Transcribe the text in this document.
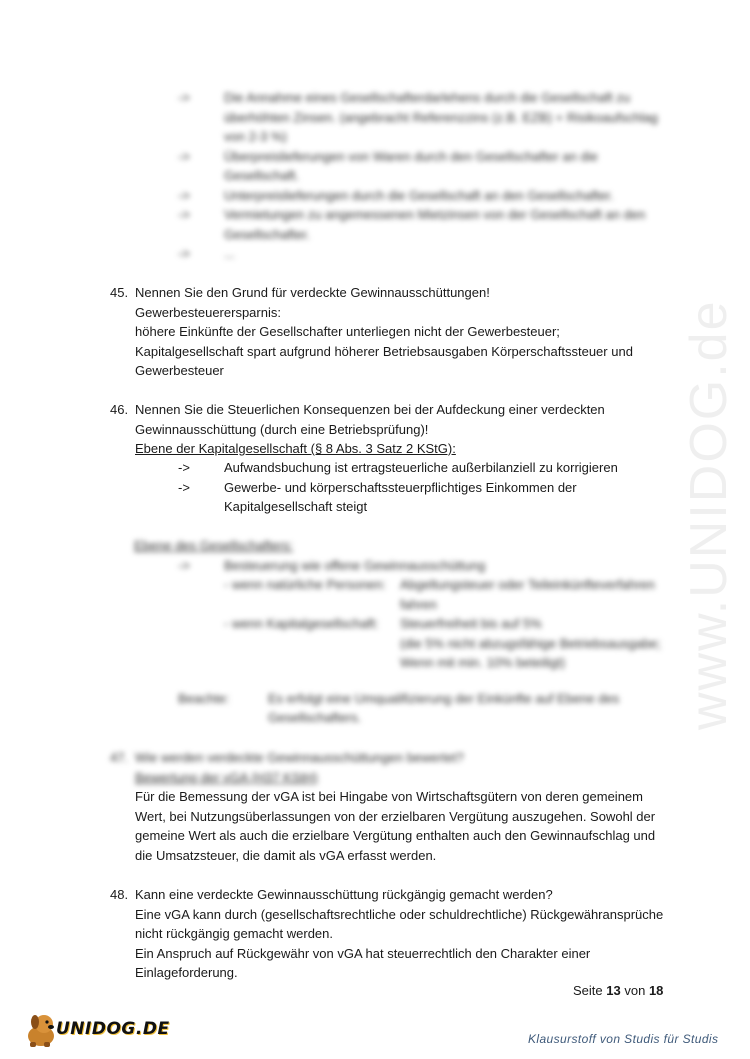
www.UNIDOG.de
->	Die Annahme eines Gesellschafterdarlehens durch die Gesellschaft zu
überhöhten Zinsen. (angebracht Referenzzins (z.B. EZB) + Risikoaufschlag
von 2-3 %)
->	Überpreislieferungen von Waren durch den Gesellschafter an die
Gesellschaft.
->	Unterpreislieferungen durch die Gesellschaft an den Gesellschafter.
->	Vermietungen zu angemessenen Mietzinsen von der Gesellschaft an den
Gesellschafter.
->	...
45. Nennen Sie den Grund für verdeckte Gewinnausschüttungen!
Gewerbesteuerersparnis:
höhere Einkünfte der Gesellschafter unterliegen nicht der Gewerbesteuer;
Kapitalgesellschaft spart aufgrund höherer Betriebsausgaben Körperschaftssteuer und
Gewerbesteuer
46. Nennen Sie die Steuerlichen Konsequenzen bei der Aufdeckung einer verdeckten
Gewinnausschüttung (durch eine Betriebsprüfung)!
Ebene der Kapitalgesellschaft (§ 8 Abs. 3 Satz 2 KStG):
->	Aufwandsbuchung ist ertragsteuerliche außerbilanziell zu korrigieren
->	Gewerbe- und körperschaftssteuerpflichtiges Einkommen der
Kapitalgesellschaft steigt
Ebene des Gesellschafters:
->	Besteuerung wie offene Gewinnausschüttung
- wenn natürliche Personen: Abgeltungsteuer oder Teileinkünfteverfahren
fahren
- wenn Kapitalgesellschaft: Steuerfreiheit bis auf 5%
(die 5% nicht abzugsfähige Betriebsausgabe;
Wenn mit min. 10% beteiligt)
Beachte:	Es erfolgt eine Umqualifizierung der Einkünfte auf Ebene des
Gesellschafters.
47. Wie werden verdeckte Gewinnausschüttungen bewertet?
Bewertung der vGA (H37 KStH)
Für die Bemessung der vGA ist bei Hingabe von Wirtschaftsgütern von deren gemeinem
Wert, bei Nutzungsüberlassungen von der erzielbaren Vergütung auszugehen. Sowohl der
gemeine Wert als auch die erzielbare Vergütung enthalten auch den Gewinnaufschlag und
die Umsatzsteuer, die damit als vGA erfasst werden.
48. Kann eine verdeckte Gewinnausschüttung rückgängig gemacht werden?
Eine vGA kann durch (gesellschaftsrechtliche oder schuldrechtliche) Rückgewähransprüche
nicht rückgängig gemacht werden.
Ein Anspruch auf Rückgewähr von vGA hat steuerrechtlich den Charakter einer
Einlageforderung.
Seite 13 von 18
UNIDOG.DE	Klausurstoff von Studis für Studis
